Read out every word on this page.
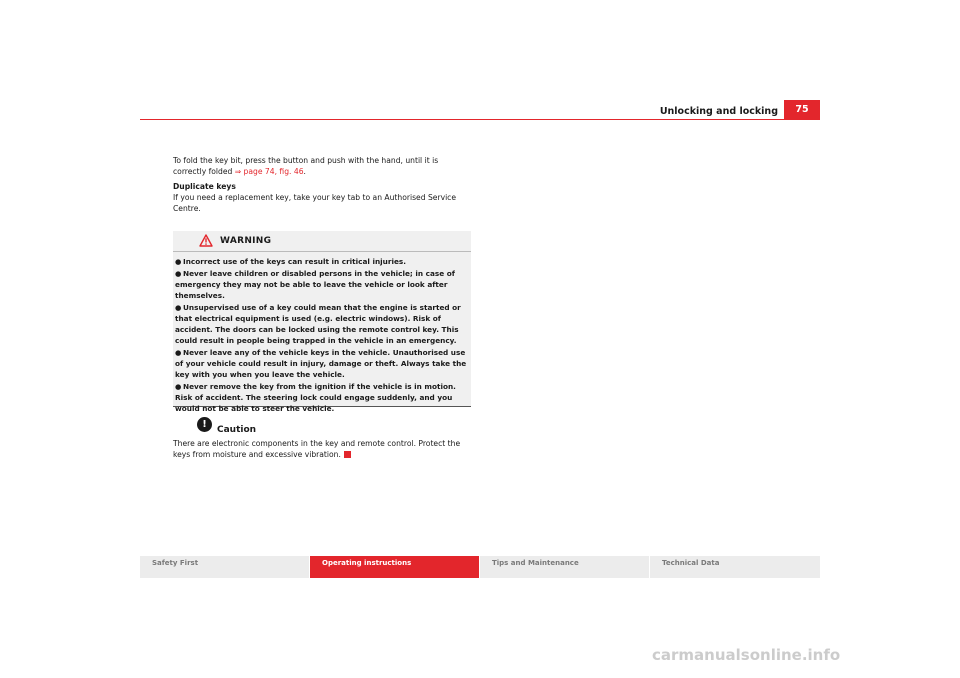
Unlocking and locking	75

To fold the key bit, press the button and push with the hand, until it is correctly folded ⇒ page 74, fig. 46.

Duplicate keys

If you need a replacement key, take your key tab to an Authorised Service Centre.

WARNING
● Incorrect use of the keys can result in critical injuries.
● Never leave children or disabled persons in the vehicle; in case of emergency they may not be able to leave the vehicle or look after themselves.
● Unsupervised use of a key could mean that the engine is started or that electrical equipment is used (e.g. electric windows). Risk of accident. The doors can be locked using the remote control key. This could result in people being trapped in the vehicle in an emergency.
● Never leave any of the vehicle keys in the vehicle. Unauthorised use of your vehicle could result in injury, damage or theft. Always take the key with you when you leave the vehicle.
● Never remove the key from the ignition if the vehicle is in motion. Risk of accident. The steering lock could engage suddenly, and you would not be able to steer the vehicle.
!	Caution

There are electronic components in the key and remote control. Protect the keys from moisture and excessive vibration.

Safety First	Operating instructions	Tips and Maintenance	Technical Data
carmanualsonline.info
